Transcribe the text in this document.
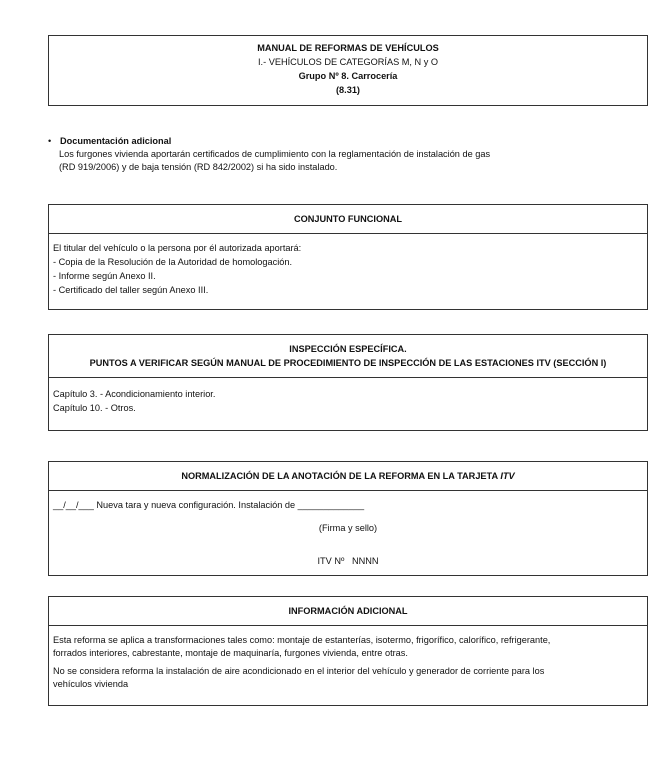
MANUAL DE REFORMAS DE VEHÍCULOS

I.- VEHÍCULOS DE CATEGORÍAS M, N y O

Grupo Nº 8. Carrocería

(8.31)

• Documentación adicional

Los furgones vivienda aportarán certificados de cumplimiento con la reglamentación de instalación de gas
(RD 919/2006) y de baja tensión (RD 842/2002) si ha sido instalado.

CONJUNTO FUNCIONAL

El titular del vehículo o la persona por él autorizada aportará:

- Copia de la Resolución de la Autoridad de homologación.

- Informe según Anexo II.

- Certificado del taller según Anexo III.

INSPECCIÓN ESPECÍFICA.

PUNTOS A VERIFICAR SEGÚN MANUAL DE PROCEDIMIENTO DE INSPECCIÓN DE LAS ESTACIONES ITV (SECCIÓN I)

Capítulo 3. - Acondicionamiento interior.

Capítulo 10. - Otros.

NORMALIZACIÓN DE LA ANOTACIÓN DE LA REFORMA EN LA TARJETA ITV

__/__/___ Nueva tara y nueva configuración. Instalación de _____________

(Firma y sello)

ITV Nº   NNNN

INFORMACIÓN ADICIONAL

Esta reforma se aplica a transformaciones tales como: montaje de estanterías, isotermo, frigorífico, calorífico, refrigerante,
forrados interiores, cabrestante, montaje de maquinaría, furgones vivienda, entre otras.

No se considera reforma la instalación de aire acondicionado en el interior del vehículo y generador de corriente para los
vehículos vivienda
